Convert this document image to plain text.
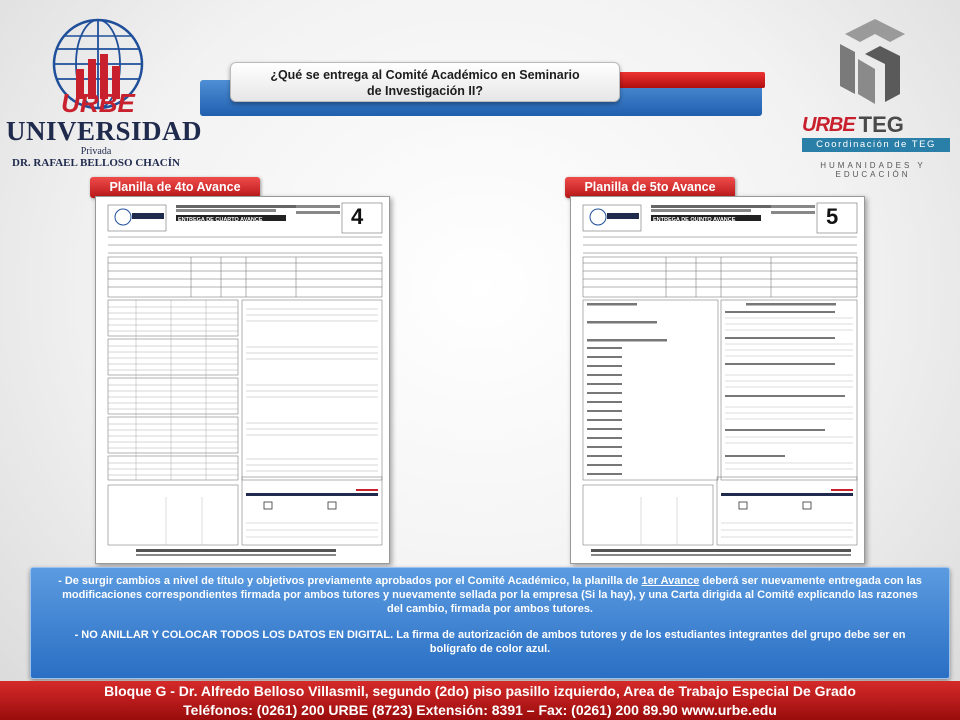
URBE
UNIVERSIDAD
Privada
DR. RAFAEL BELLOSO CHACÍN
URBE TEG
Coordinación de TEG
HUMANIDADES Y EDUCACIÓN
¿Qué se entrega al Comité Académico en Seminario
de Investigación II?
Planilla de 4to Avance	Planilla de 5to Avance
ENTREGA DE CUARTO AVANCE	4	ENTREGA DE QUINTO AVANCE	5

- De surgir cambios a nivel de título y objetivos previamente aprobados por el Comité Académico, la planilla de 1er Avance deberá ser nuevamente entregada con las modificaciones correspondientes firmada por ambos tutores y nuevamente sellada por la empresa (Si la hay), y una Carta dirigida al Comité explicando las razones del cambio, firmada por ambos tutores.

- NO ANILLAR Y COLOCAR TODOS LOS DATOS EN DIGITAL. La firma de autorización de ambos tutores y de los estudiantes integrantes del grupo debe ser en bolígrafo de color azul.

Bloque G - Dr. Alfredo Belloso Villasmil, segundo (2do) piso pasillo izquierdo, Area de Trabajo Especial De Grado
Teléfonos: (0261) 200 URBE (8723) Extensión: 8391 – Fax: (0261) 200 89.90 www.urbe.edu
